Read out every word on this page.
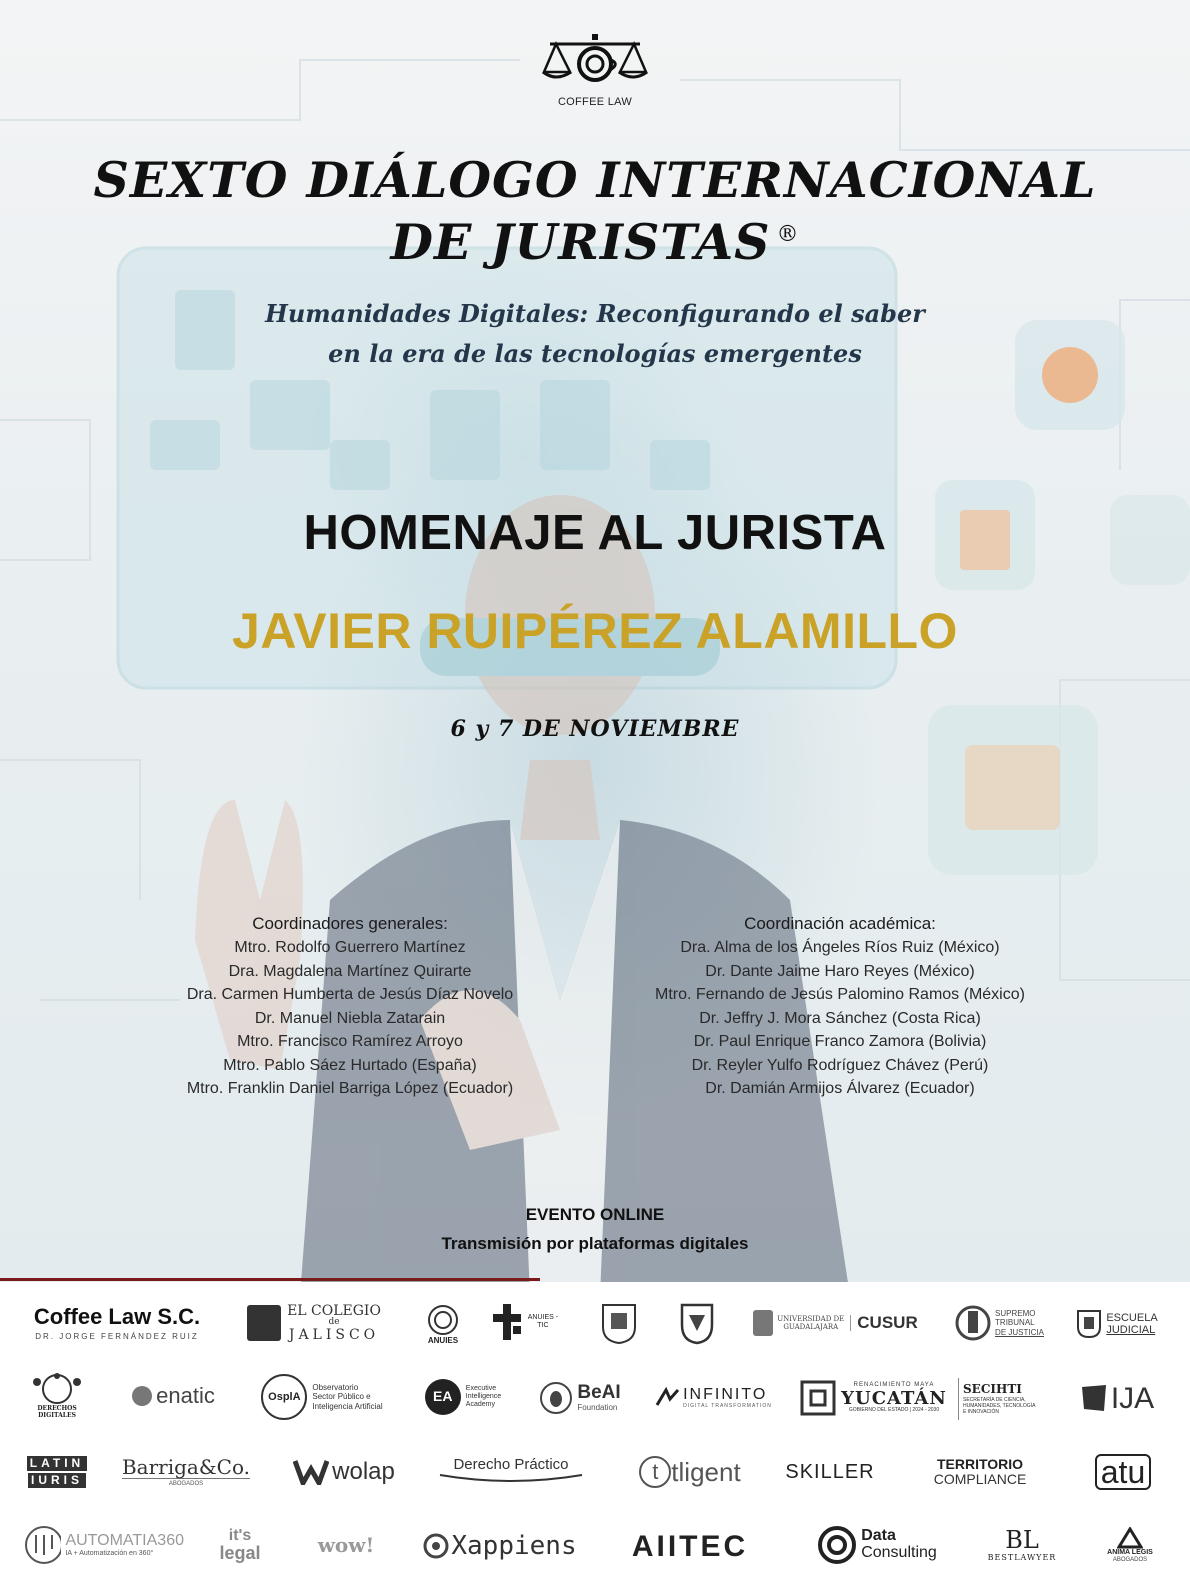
COFFEE LAW
SEXTO DIÁLOGO INTERNACIONAL
DE JURISTAS ®
Humanidades Digitales: Reconfigurando el saber
en la era de las tecnologías emergentes
HOMENAJE AL JURISTA
JAVIER RUIPÉREZ ALAMILLO
6 y 7 DE NOVIEMBRE
Coordinadores generales:
Mtro. Rodolfo Guerrero Martínez
Dra. Magdalena Martínez Quirarte
Dra. Carmen Humberta de Jesús Díaz Novelo
Dr. Manuel Niebla Zatarain
Mtro. Francisco Ramírez Arroyo
Mtro. Pablo Sáez Hurtado (España)
Mtro. Franklin Daniel Barriga López (Ecuador)
Coordinación académica:
Dra. Alma de los Ángeles Ríos Ruiz (México)
Dr. Dante Jaime Haro Reyes (México)
Mtro. Fernando de Jesús Palomino Ramos (México)
Dr. Jeffry J. Mora Sánchez (Costa Rica)
Dr. Paul Enrique Franco Zamora (Bolivia)
Dr. Reyler Yulfo Rodríguez Chávez (Perú)
Dr. Damián Armijos Álvarez (Ecuador)
EVENTO ONLINE
Transmisión por plataformas digitales
Coffee Law S.C.
DR. JORGE FERNÁNDEZ RUIZ
EL COLEGIO
de
JALISCO	ANUIES
ANUIES - TIC
UNIVERSIDAD DE
GUADALAJARA	CUSUR	SUPREMO
TRIBUNAL
DE JUSTICIA
ESCUELA
JUDICIAL
DERECHOS DIGITALES
enatic	OsplA
Observatorio
Sector Público e
Inteligencia Artificial
EA	Executive
Intelligence
Academy
BeAI
Foundation
INFINITO
DIGITAL TRANSFORMATION
RENACIMIENTO MAYA
YUCATÁN
GOBIERNO DEL ESTADO | 2024 - 2030
SECIHTI
SECRETARÍA DE CIENCIA,
HUMANIDADES, TECNOLOGÍA
E INNOVACIÓN	IJA
LATIN
IURIS
Barriga&Co.
ABOGADOS	wolap	Derecho Práctico	t tligent SKILLER	TERRITORIO
COMPLIANCE atu
AUTOMATIA360
IA + Automatización en 360°
it's
legal	wow!	Xappiens AIITEC	Data
Consulting	BL
BESTLAWYER
ANIMA LEGIS
ABOGADOS
